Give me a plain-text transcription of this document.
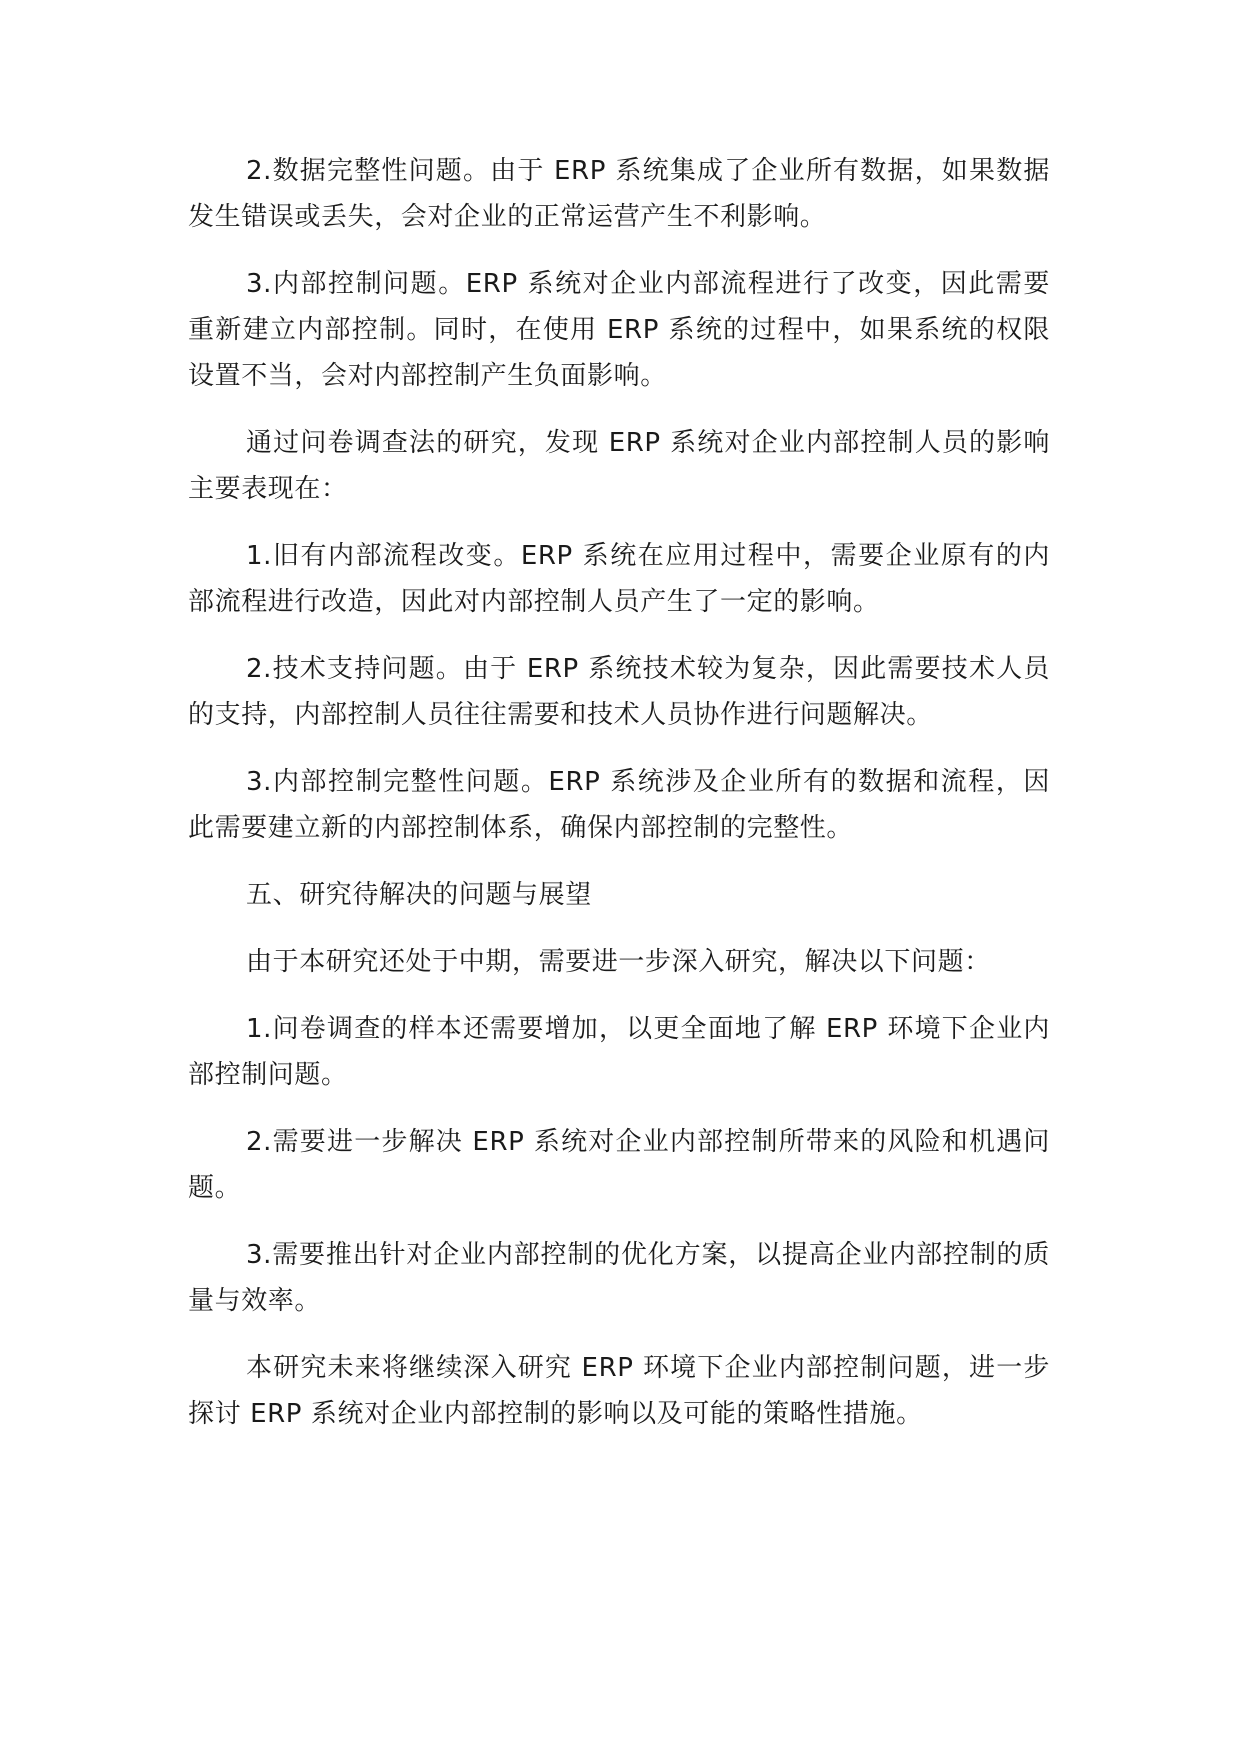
2.数据完整性问题。由于 ERP 系统集成了企业所有数据，如果数据发生错误或丢失，会对企业的正常运营产生不利影响。

3.内部控制问题。ERP 系统对企业内部流程进行了改变，因此需要重新建立内部控制。同时，在使用 ERP 系统的过程中，如果系统的权限设置不当，会对内部控制产生负面影响。

通过问卷调查法的研究，发现 ERP 系统对企业内部控制人员的影响主要表现在：

1.旧有内部流程改变。ERP 系统在应用过程中，需要企业原有的内部流程进行改造，因此对内部控制人员产生了一定的影响。

2.技术支持问题。由于 ERP 系统技术较为复杂，因此需要技术人员的支持，内部控制人员往往需要和技术人员协作进行问题解决。

3.内部控制完整性问题。ERP 系统涉及企业所有的数据和流程，因此需要建立新的内部控制体系，确保内部控制的完整性。

五、研究待解决的问题与展望

由于本研究还处于中期，需要进一步深入研究，解决以下问题：

1.问卷调查的样本还需要增加，以更全面地了解 ERP 环境下企业内部控制问题。

2.需要进一步解决 ERP 系统对企业内部控制所带来的风险和机遇问题。

3.需要推出针对企业内部控制的优化方案，以提高企业内部控制的质量与效率。

本研究未来将继续深入研究 ERP 环境下企业内部控制问题，进一步探讨 ERP 系统对企业内部控制的影响以及可能的策略性措施。
